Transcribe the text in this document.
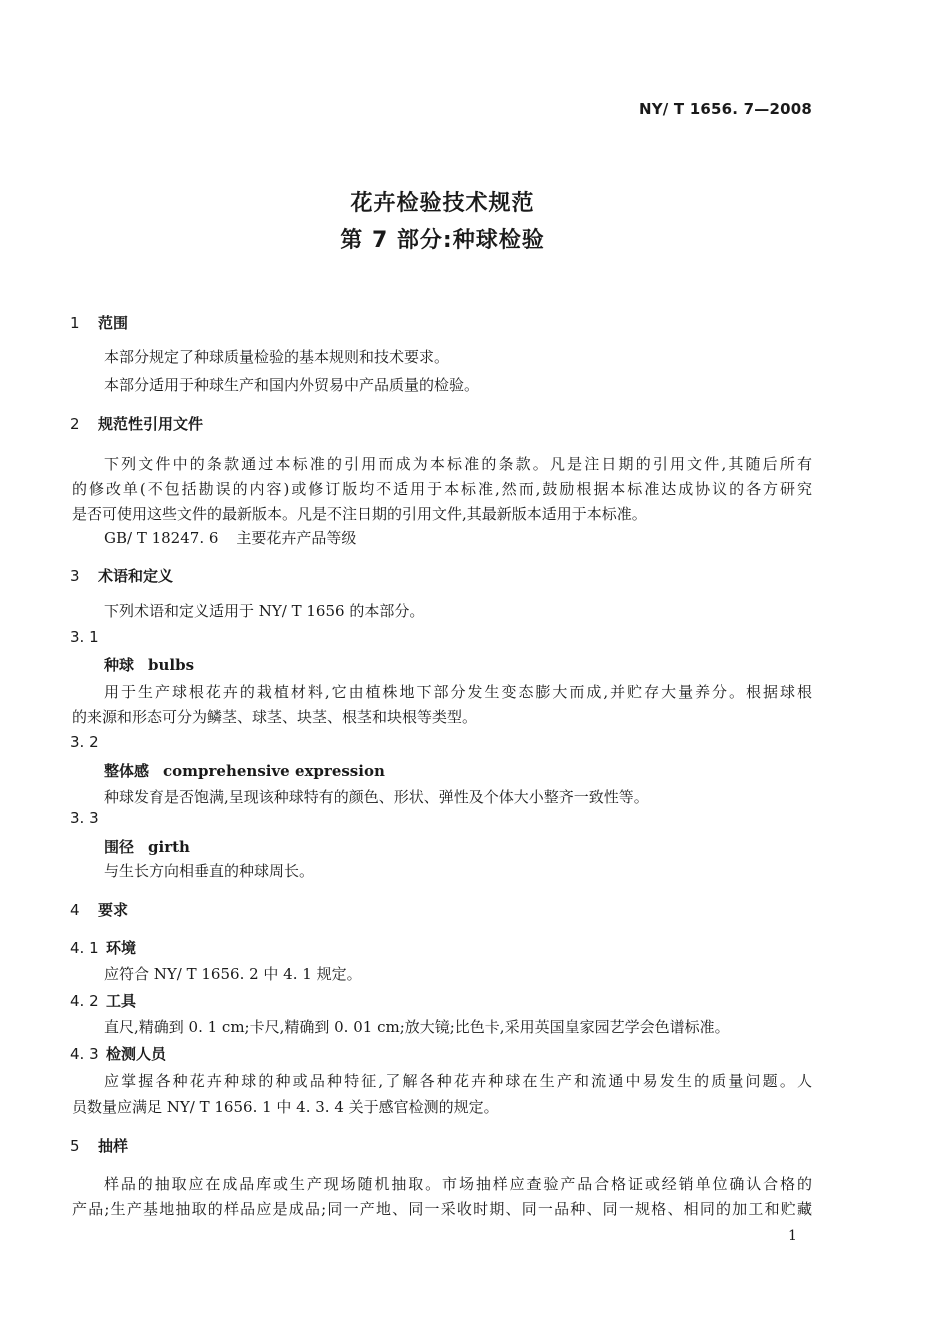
NY/ T 1656. 7—2008
花卉检验技术规范
第 7 部分:种球检验
1 范围
本部分规定了种球质量检验的基本规则和技术要求。
本部分适用于种球生产和国内外贸易中产品质量的检验。
2 规范性引用文件
下列文件中的条款通过本标准的引用而成为本标准的条款。凡是注日期的引用文件,其随后所有
的修改单(不包括勘误的内容)或修订版均不适用于本标准,然而,鼓励根据本标准达成协议的各方研究
是否可使用这些文件的最新版本。凡是不注日期的引用文件,其最新版本适用于本标准。
GB/ T 18247. 6 主要花卉产品等级
3 术语和定义
下列术语和定义适用于 NY/ T 1656 的本部分。
3. 1
种球 bulbs
用于生产球根花卉的栽植材料,它由植株地下部分发生变态膨大而成,并贮存大量养分。根据球根
的来源和形态可分为鳞茎、球茎、块茎、根茎和块根等类型。
3. 2
整体感 comprehensive expression
种球发育是否饱满,呈现该种球特有的颜色、形状、弹性及个体大小整齐一致性等。
3. 3
围径 girth
与生长方向相垂直的种球周长。
4 要求
4. 1 环境
应符合 NY/ T 1656. 2 中 4. 1 规定。
4. 2 工具
直尺,精确到 0. 1 cm;卡尺,精确到 0. 01 cm;放大镜;比色卡,采用英国皇家园艺学会色谱标准。
4. 3 检测人员
应掌握各种花卉种球的种或品种特征,了解各种花卉种球在生产和流通中易发生的质量问题。人
员数量应满足 NY/ T 1656. 1 中 4. 3. 4 关于感官检测的规定。
5 抽样
样品的抽取应在成品库或生产现场随机抽取。市场抽样应查验产品合格证或经销单位确认合格的
产品;生产基地抽取的样品应是成品;同一产地、同一采收时期、同一品种、同一规格、相同的加工和贮藏
1
